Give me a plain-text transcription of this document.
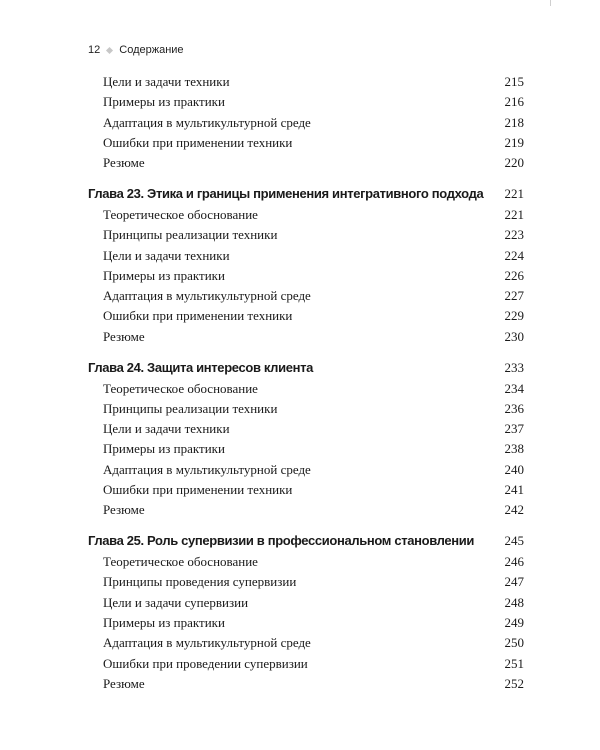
12 Содержание
Цели и задачи техники	215
Примеры из практики	216
Адаптация в мультикультурной среде	218
Ошибки при применении техники	219
Резюме	220
Глава 23. Этика и границы применения интегративного подхода 221
Теоретическое обоснование	221
Принципы реализации техники	223
Цели и задачи техники	224
Примеры из практики	226
Адаптация в мультикультурной среде	227
Ошибки при применении техники	229
Резюме	230
Глава 24. Защита интересов клиента	233
Теоретическое обоснование	234
Принципы реализации техники	236
Цели и задачи техники	237
Примеры из практики	238
Адаптация в мультикультурной среде	240
Ошибки при применении техники	241
Резюме	242
Глава 25. Роль супервизии в профессиональном становлении 245
Теоретическое обоснование	246
Принципы проведения супервизии	247
Цели и задачи супервизии	248
Примеры из практики	249
Адаптация в мультикультурной среде	250
Ошибки при проведении супервизии	251
Резюме	252
